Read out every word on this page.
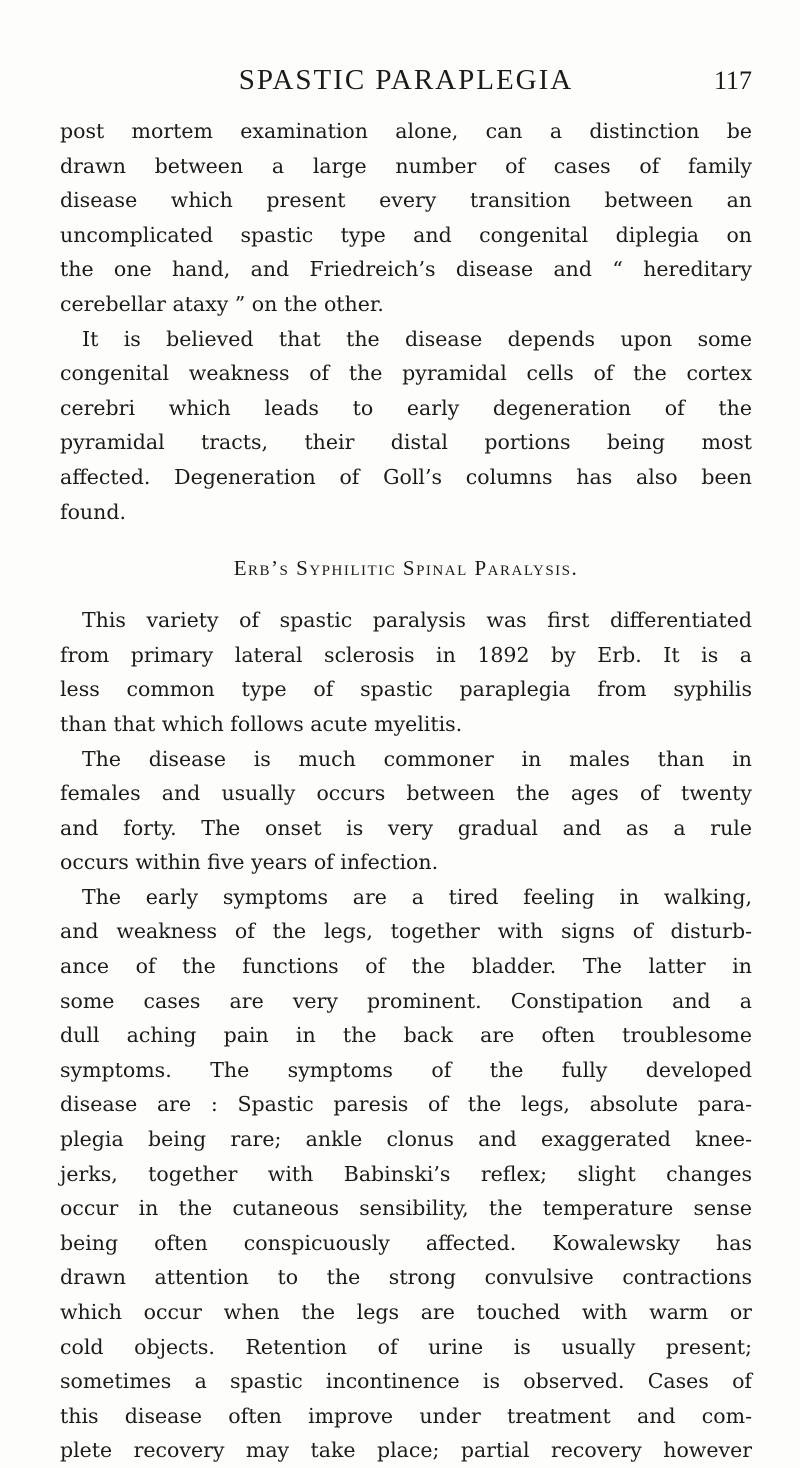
SPASTIC PARAPLEGIA	117
post mortem examination alone, can a distinction be
drawn between a large number of cases of family
disease which present every transition between an
uncomplicated spastic type and congenital diplegia on
the one hand, and Friedreich’s disease and “ hereditary
cerebellar ataxy ” on the other.
It is believed that the disease depends upon some
congenital weakness of the pyramidal cells of the cortex
cerebri which leads to early degeneration of the
pyramidal tracts, their distal portions being most
affected. Degeneration of Goll’s columns has also been
found.
Erb’s Syphilitic Spinal Paralysis.
This variety of spastic paralysis was first differentiated
from primary lateral sclerosis in 1892 by Erb. It is a
less common type of spastic paraplegia from syphilis
than that which follows acute myelitis.
The disease is much commoner in males than in
females and usually occurs between the ages of twenty
and forty. The onset is very gradual and as a rule
occurs within five years of infection.
The early symptoms are a tired feeling in walking,
and weakness of the legs, together with signs of disturb-
ance of the functions of the bladder. The latter in
some cases are very prominent. Constipation and a
dull aching pain in the back are often troublesome
symptoms. The symptoms of the fully developed
disease are : Spastic paresis of the legs, absolute para-
plegia being rare; ankle clonus and exaggerated knee-
jerks, together with Babinski’s reflex; slight changes
occur in the cutaneous sensibility, the temperature sense
being often conspicuously affected. Kowalewsky has
drawn attention to the strong convulsive contractions
which occur when the legs are touched with warm or
cold objects. Retention of urine is usually present;
sometimes a spastic incontinence is observed. Cases of
this disease often improve under treatment and com-
plete recovery may take place; partial recovery however
